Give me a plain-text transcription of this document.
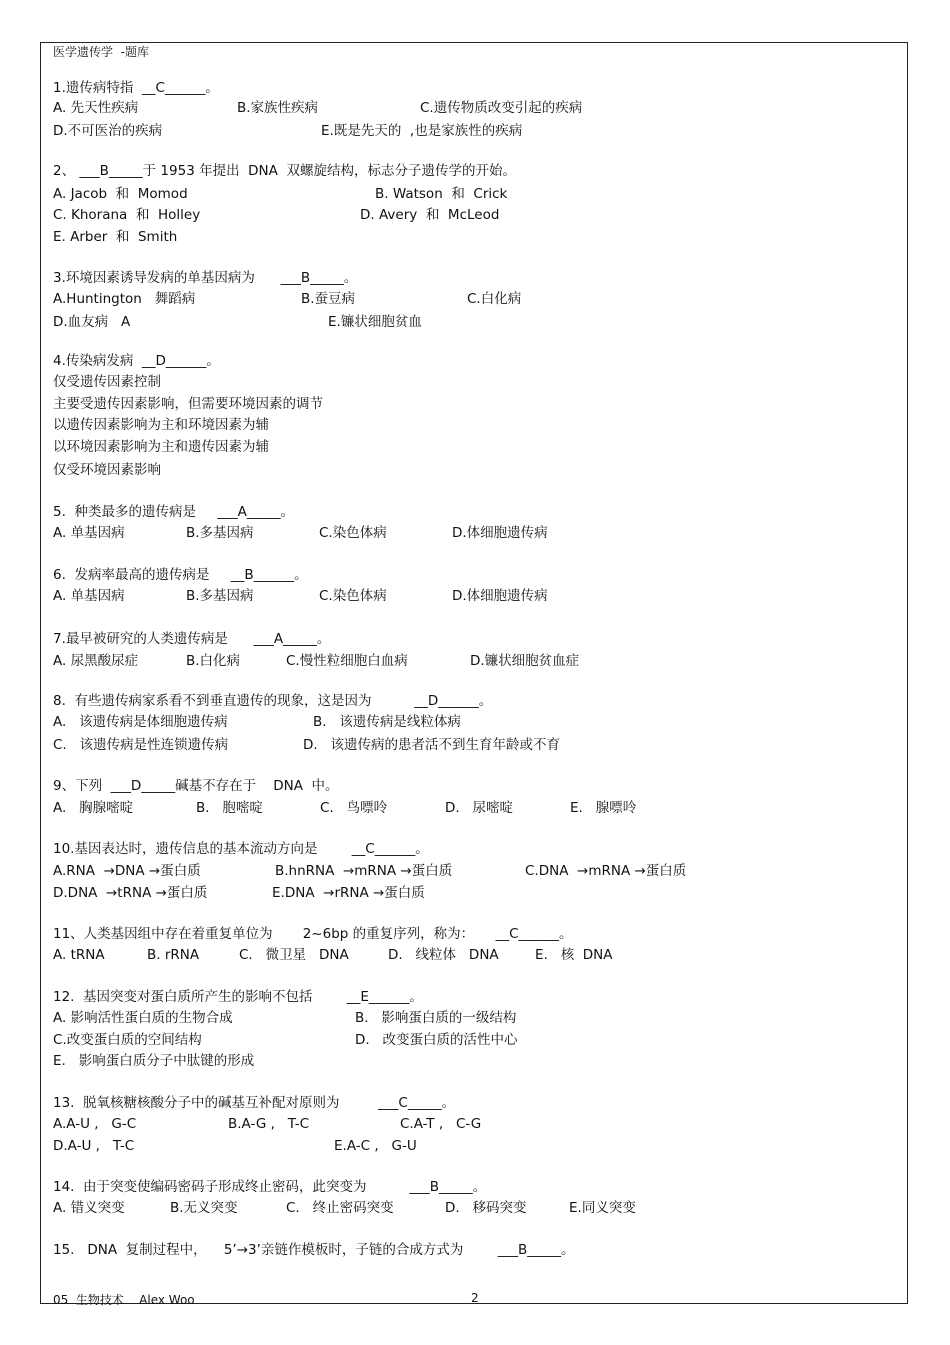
医学遗传学  -题库
1.遗传病特指  __C______。
A. 先天性疾病	B.家族性疾病	C.遗传物质改变引起的疾病
D.不可医治的疾病	E.既是先天的  ,也是家族性的疾病
2、 ___B_____于 1953 年提出  DNA  双螺旋结构，标志分子遗传学的开始。
A. Jacob  和  Momod	B. Watson  和  Crick
C. Khorana  和  Holley	D. Avery  和  McLeod
E. Arber  和  Smith
3.环境因素诱导发病的单基因病为      ___B_____。
A.Huntington   舞蹈病	B.蚕豆病	C.白化病
D.血友病   A	E.镰状细胞贫血
4.传染病发病  __D______。
仅受遗传因素控制
主要受遗传因素影响，但需要环境因素的调节
以遗传因素影响为主和环境因素为辅
以环境因素影响为主和遗传因素为辅
仅受环境因素影响
5.  种类最多的遗传病是     ___A_____。
A. 单基因病	B.多基因病	C.染色体病	D.体细胞遗传病
6.  发病率最高的遗传病是     __B______。
A. 单基因病	B.多基因病	C.染色体病	D.体细胞遗传病
7.最早被研究的人类遗传病是      ___A_____。
A. 尿黑酸尿症	B.白化病	C.慢性粒细胞白血病	D.镰状细胞贫血症
8.  有些遗传病家系看不到垂直遗传的现象，这是因为          __D______。
A.   该遗传病是体细胞遗传病	B.   该遗传病是线粒体病
C.   该遗传病是性连锁遗传病	D.   该遗传病的患者活不到生育年龄或不育
9、下列  ___D_____碱基不存在于    DNA  中。
A.   胸腺嘧啶	B.   胞嘧啶	C.   鸟嘌呤	D.   尿嘧啶	E.   腺嘌呤
10.基因表达时，遗传信息的基本流动方向是        __C______。
A.RNA  →DNA →蛋白质	B.hnRNA  →mRNA →蛋白质	C.DNA  →mRNA →蛋白质
D.DNA  →tRNA →蛋白质	E.DNA  →rRNA →蛋白质
11、人类基因组中存在着重复单位为       2~6bp 的重复序列，称为：     __C______。
A. tRNA	B. rRNA	C.   微卫星   DNA	D.   线粒体   DNA	E.   核  DNA
12.  基因突变对蛋白质所产生的影响不包括        __E______。
A. 影响活性蛋白质的生物合成	B.   影响蛋白质的一级结构
C.改变蛋白质的空间结构	D.   改变蛋白质的活性中心
E.   影响蛋白质分子中肽键的形成
13.  脱氧核糖核酸分子中的碱基互补配对原则为         ___C_____。
A.A-U ,   G-C	B.A-G ,   T-C	C.A-T ,   C-G
D.A-U ,   T-C	E.A-C ,   G-U
14.  由于突变使编码密码子形成终止密码，此突变为          ___B_____。
A. 错义突变	B.无义突变	C.   终止密码突变	D.   移码突变	E.同义突变
15.   DNA  复制过程中，    5’→3’亲链作模板时，子链的合成方式为        ___B_____。
05  生物技术    Alex Woo	2
